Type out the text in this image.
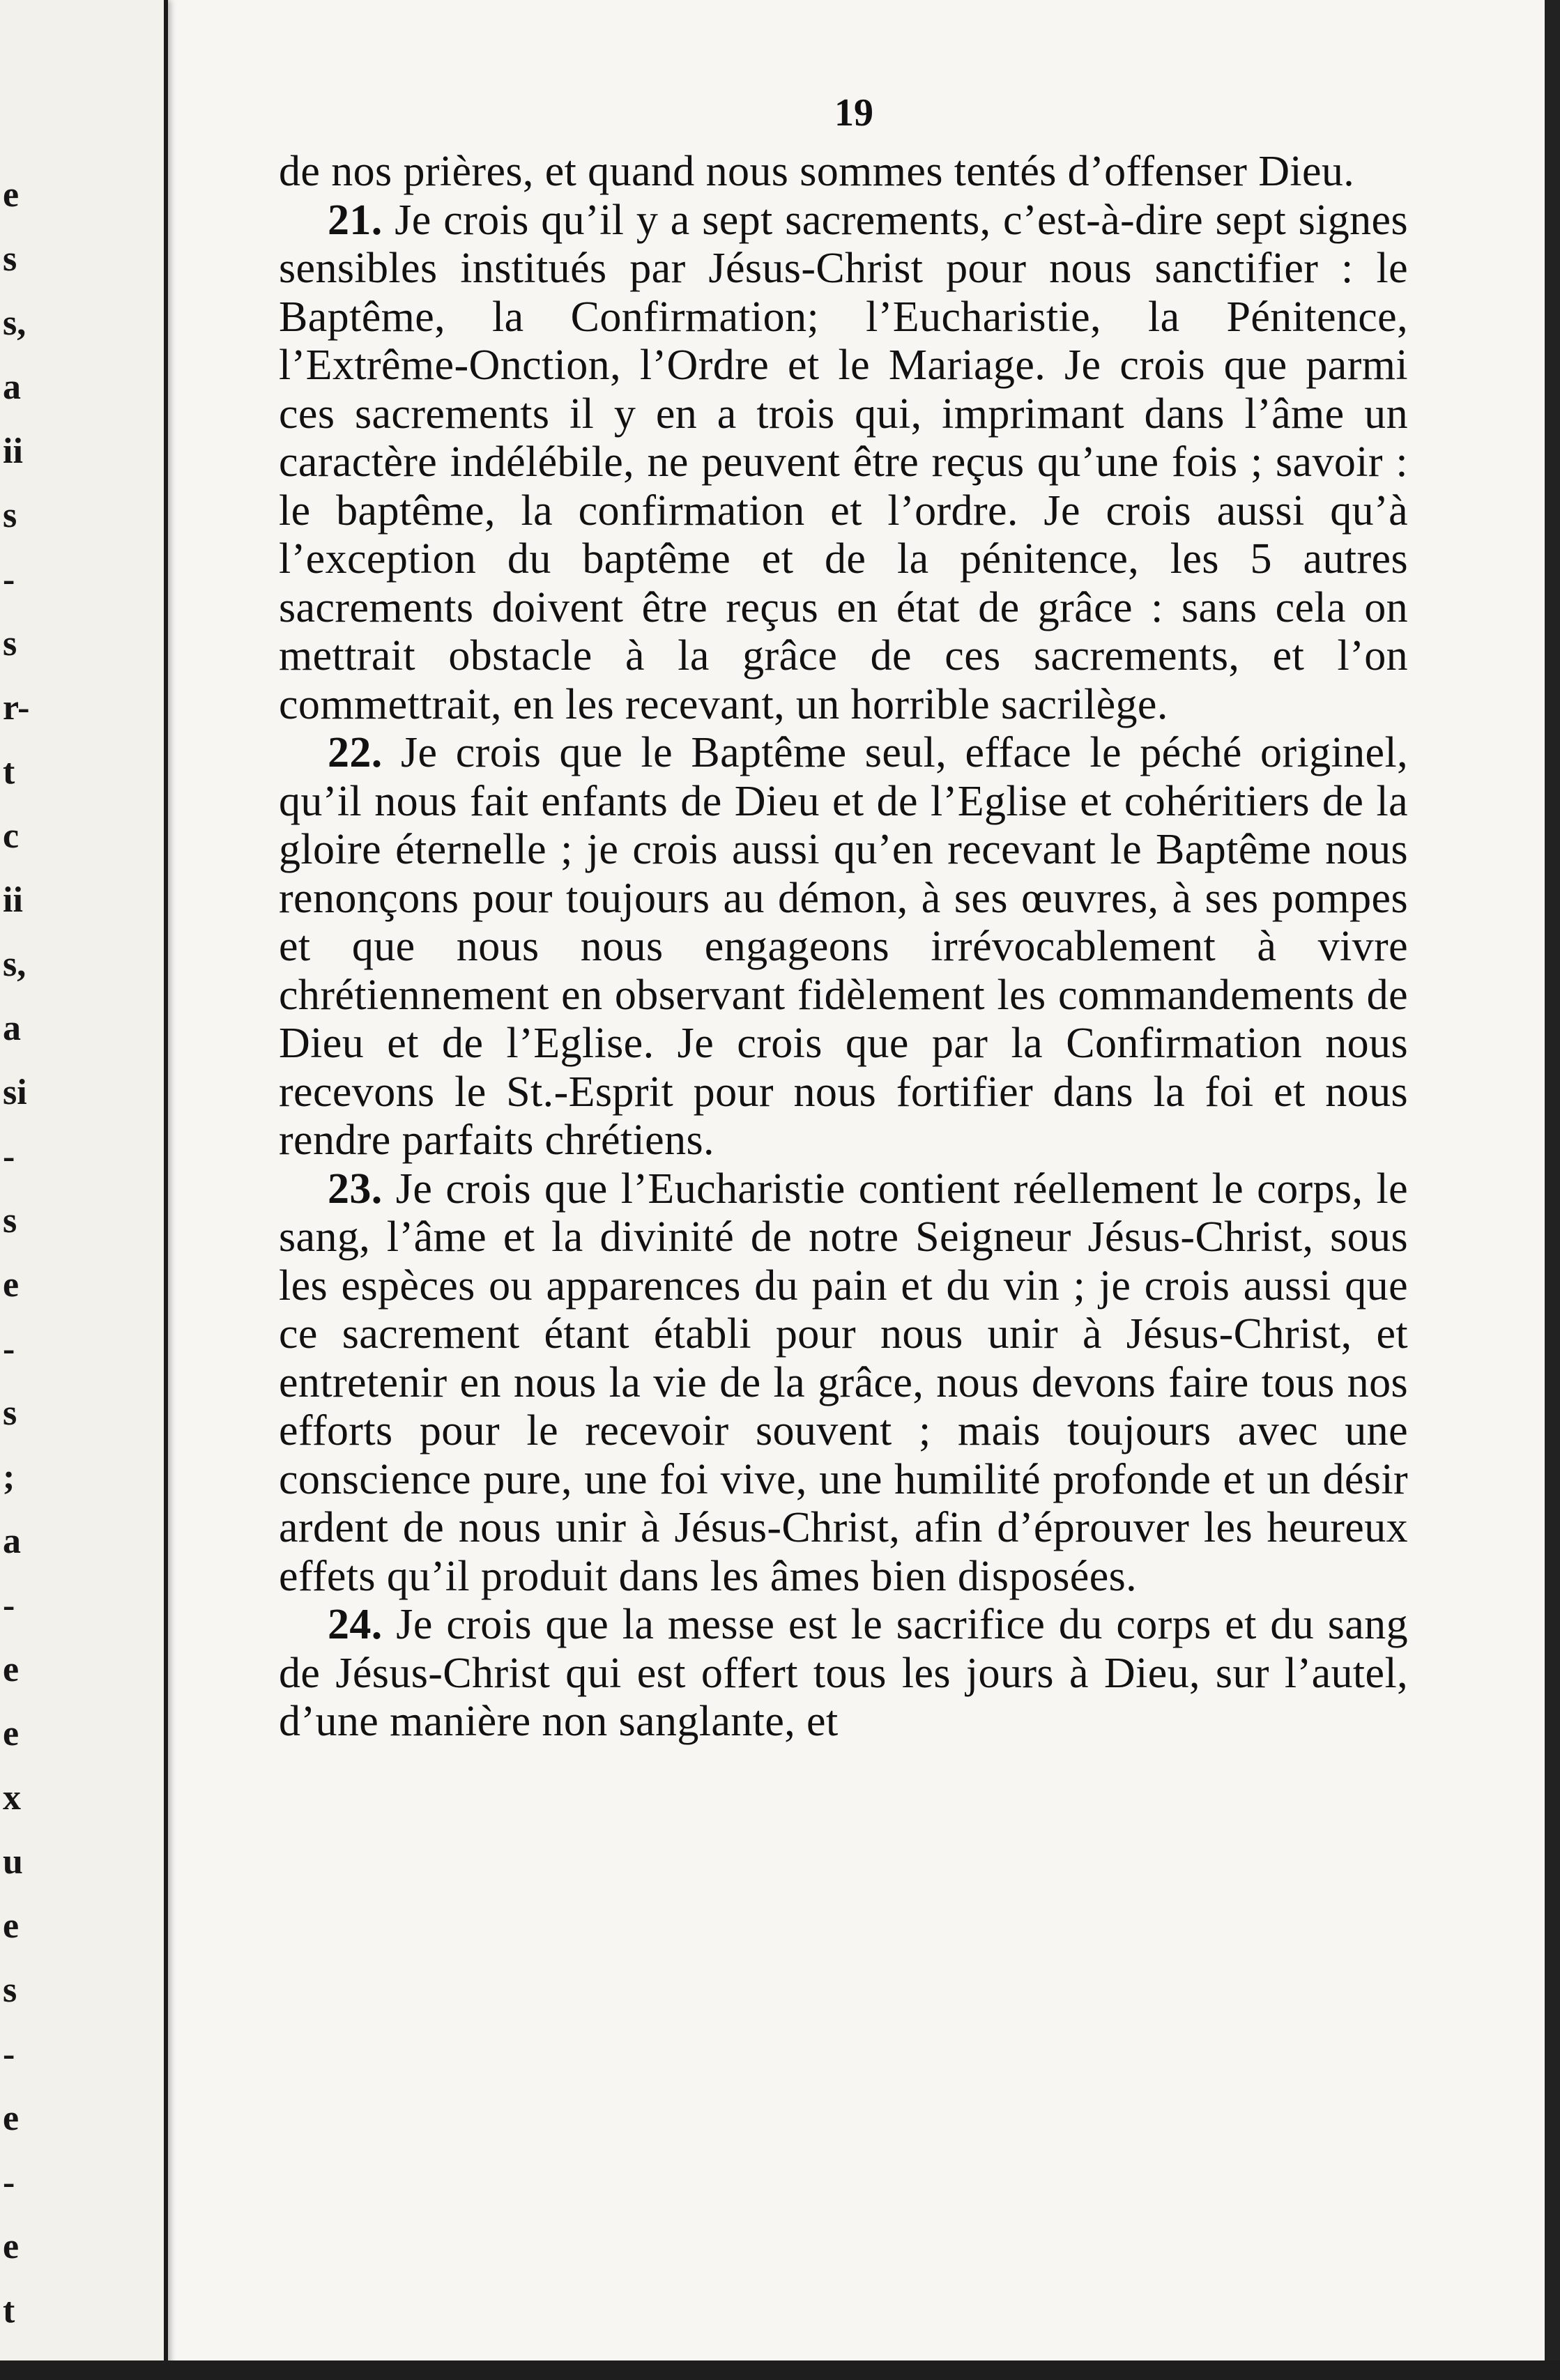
e
s
s,
a
ii
s
-
s
r-
t
c
ii
s,
a
si
-
s
e
-
s
;
a
-
e
e
x
u
e
s
-
e
-
e
t
19

de nos prières, et quand nous sommes tentés d’offenser Dieu.

21. Je crois qu’il y a sept sacrements, c’est-à-dire sept signes sensibles institués par Jésus-Christ pour nous sanctifier : le Baptême, la Confirmation; l’Eucharistie, la Pénitence, l’Extrême-Onction, l’Ordre et le Mariage. Je crois que parmi ces sacrements il y en a trois qui, imprimant dans l’âme un caractère indélébile, ne peuvent être reçus qu’une fois ; savoir : le baptême, la confirmation et l’ordre. Je crois aussi qu’à l’exception du baptême et de la pénitence, les 5 autres sacrements doivent être reçus en état de grâce : sans cela on mettrait obstacle à la grâce de ces sacrements, et l’on commettrait, en les recevant, un horrible sacrilège.

22. Je crois que le Baptême seul, efface le péché originel, qu’il nous fait enfants de Dieu et de l’Eglise et cohéritiers de la gloire éternelle ; je crois aussi qu’en recevant le Baptême nous renonçons pour toujours au démon, à ses œuvres, à ses pompes et que nous nous engageons irrévocablement à vivre chrétiennement en observant fidèlement les commandements de Dieu et de l’Eglise. Je crois que par la Confirmation nous recevons le St.-Esprit pour nous fortifier dans la foi et nous rendre parfaits chrétiens.

23. Je crois que l’Eucharistie contient réellement le corps, le sang, l’âme et la divinité de notre Seigneur Jésus-Christ, sous les espèces ou apparences du pain et du vin ; je crois aussi que ce sacrement étant établi pour nous unir à Jésus-Christ, et entretenir en nous la vie de la grâce, nous devons faire tous nos efforts pour le recevoir souvent ; mais toujours avec une conscience pure, une foi vive, une humilité profonde et un désir ardent de nous unir à Jésus-Christ, afin d’éprouver les heureux effets qu’il produit dans les âmes bien disposées.

24. Je crois que la messe est le sacrifice du corps et du sang de Jésus-Christ qui est offert tous les jours à Dieu, sur l’autel, d’une manière non sanglante, et
